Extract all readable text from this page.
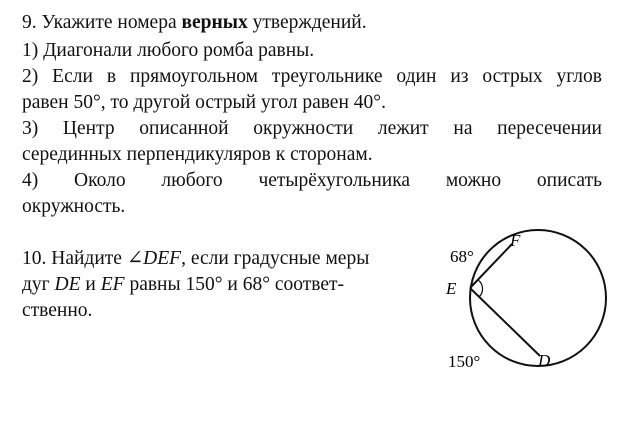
9. Укажите номера верных утверждений.
1) Диагонали любого ромба равны.
2) Если в прямоугольном треугольнике один из острых углов
равен 50°, то другой острый угол равен 40°.
3) Центр описанной окружности лежит на пересечении
серединных перпендикуляров к сторонам.
4) Около любого четырёхугольника можно описать
окружность.
10. Найдите ∠DEF, если градусные меры
дуг DE и EF равны 150° и 68° соответ-
ственно.
68°
F
E
D
150°
